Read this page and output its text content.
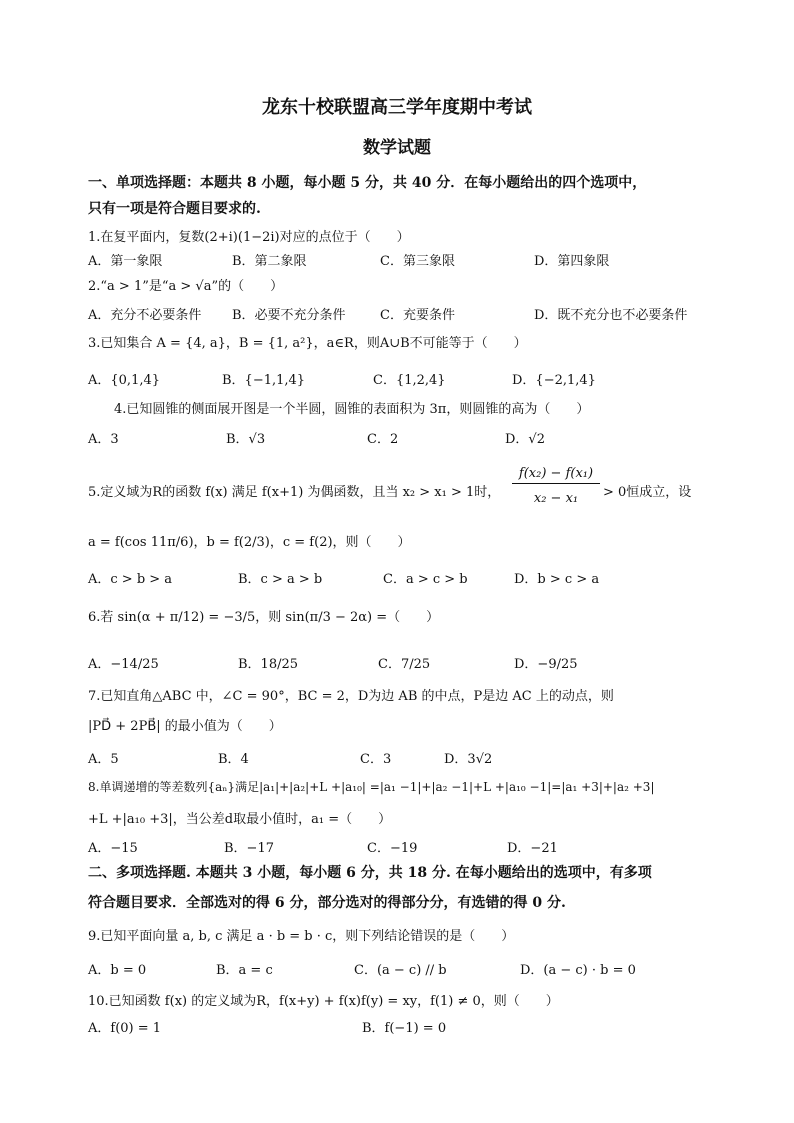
龙东十校联盟高三学年度期中考试
数学试题
一、单项选择题：本题共 8 小题，每小题 5 分，共 40 分．在每小题给出的四个选项中，
只有一项是符合题目要求的.
1.在复平面内，复数(2+i)(1−2i)对应的点位于（　　）
A．第一象限	B．第二象限	C．第三象限	D．第四象限
2.“a > 1”是“a > √a”的（　　）
A．充分不必要条件 B．必要不充分条件	C．充要条件	D．既不充分也不必要条件
3.已知集合 A = {4, a}，B = {1, a²}，a∈R，则A∪B不可能等于（　　）
A．{0,1,4}	B．{−1,1,4}	C．{1,2,4}	D．{−2,1,4}
4.已知圆锥的侧面展开图是一个半圆，圆锥的表面积为 3π，则圆锥的高为（　　）
A．3	B．√3	C．2	D．√2
5.定义域为R的函数 f(x) 满足 f(x+1) 为偶函数，且当 x₂ > x₁ > 1时，
f(x₂) − f(x₁)
x₂ − x₁	> 0恒成立，设
a = f(cos 11π/6)，b = f(2/3)，c = f(2)，则（　　）
A．c > b > a	B．c > a > b	C．a > c > b	D．b > c > a
6.若 sin(α + π/12) = −3/5，则 sin(π/3 − 2α) =（　　）
A．−14/25	B．18/25	C．7/25	D．−9/25
7.已知直角△ABC 中，∠C = 90°，BC = 2，D为边 AB 的中点，P是边 AC 上的动点，则
|PD⃗ + 2PB⃗| 的最小值为（　　）
A．5	B．4	C．3	D．3√2
8.单调递增的等差数列{aₙ}满足|a₁|+|a₂|+L +|a₁₀| =|a₁ −1|+|a₂ −1|+L +|a₁₀ −1|=|a₁ +3|+|a₂ +3|
+L +|a₁₀ +3|，当公差d取最小值时，a₁ =（　　）
A．−15	B．−17	C．−19	D．−21
二、多项选择题. 本题共 3 小题，每小题 6 分，共 18 分. 在每小题给出的选项中，有多项
符合题目要求．全部选对的得 6 分，部分选对的得部分分，有选错的得 0 分.
9.已知平面向量 a, b, c 满足 a · b = b · c，则下列结论错误的是（　　）
A．b = 0	B．a = c	C．(a − c) // b	D．(a − c) · b = 0
10.已知函数 f(x) 的定义域为R，f(x+y) + f(x)f(y) = xy，f(1) ≠ 0，则（　　）
A．f(0) = 1	B．f(−1) = 0
